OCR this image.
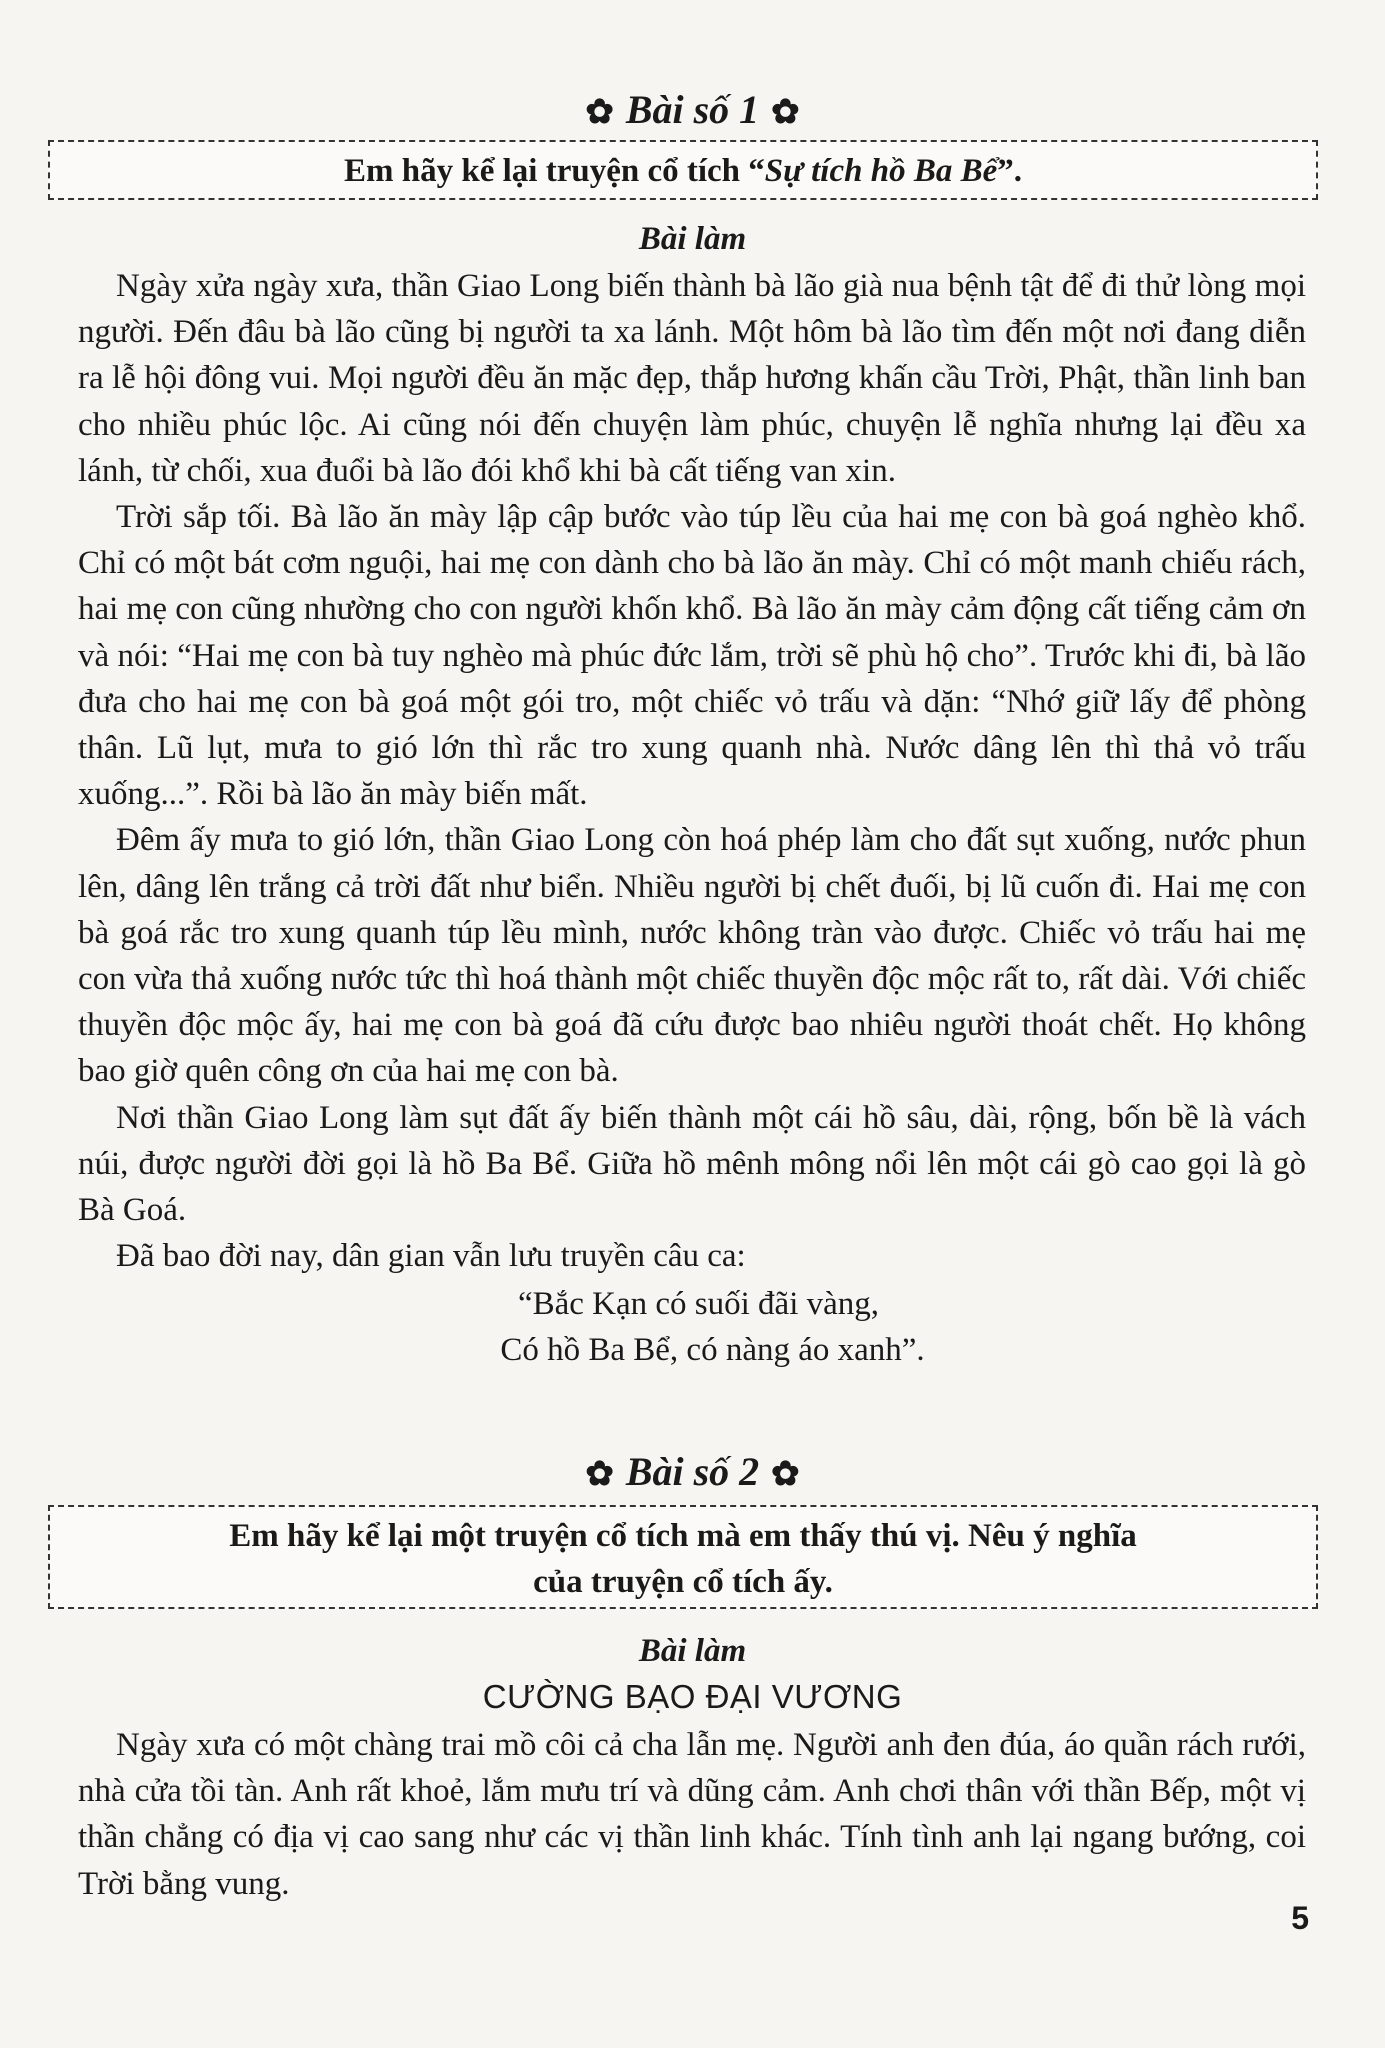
✿ Bài số 1 ✿
Em hãy kể lại truyện cổ tích “Sự tích hồ Ba Bể”.
Bài làm

Ngày xửa ngày xưa, thần Giao Long biến thành bà lão già nua bệnh tật để đi thử lòng mọi người. Đến đâu bà lão cũng bị người ta xa lánh. Một hôm bà lão tìm đến một nơi đang diễn ra lễ hội đông vui. Mọi người đều ăn mặc đẹp, thắp hương khấn cầu Trời, Phật, thần linh ban cho nhiều phúc lộc. Ai cũng nói đến chuyện làm phúc, chuyện lễ nghĩa nhưng lại đều xa lánh, từ chối, xua đuổi bà lão đói khổ khi bà cất tiếng van xin.

Trời sắp tối. Bà lão ăn mày lập cập bước vào túp lều của hai mẹ con bà goá nghèo khổ. Chỉ có một bát cơm nguội, hai mẹ con dành cho bà lão ăn mày. Chỉ có một manh chiếu rách, hai mẹ con cũng nhường cho con người khốn khổ. Bà lão ăn mày cảm động cất tiếng cảm ơn và nói: “Hai mẹ con bà tuy nghèo mà phúc đức lắm, trời sẽ phù hộ cho”. Trước khi đi, bà lão đưa cho hai mẹ con bà goá một gói tro, một chiếc vỏ trấu và dặn: “Nhớ giữ lấy để phòng thân. Lũ lụt, mưa to gió lớn thì rắc tro xung quanh nhà. Nước dâng lên thì thả vỏ trấu xuống...”. Rồi bà lão ăn mày biến mất.

Đêm ấy mưa to gió lớn, thần Giao Long còn hoá phép làm cho đất sụt xuống, nước phun lên, dâng lên trắng cả trời đất như biển. Nhiều người bị chết đuối, bị lũ cuốn đi. Hai mẹ con bà goá rắc tro xung quanh túp lều mình, nước không tràn vào được. Chiếc vỏ trấu hai mẹ con vừa thả xuống nước tức thì hoá thành một chiếc thuyền độc mộc rất to, rất dài. Với chiếc thuyền độc mộc ấy, hai mẹ con bà goá đã cứu được bao nhiêu người thoát chết. Họ không bao giờ quên công ơn của hai mẹ con bà.

Nơi thần Giao Long làm sụt đất ấy biến thành một cái hồ sâu, dài, rộng, bốn bề là vách núi, được người đời gọi là hồ Ba Bể. Giữa hồ mênh mông nổi lên một cái gò cao gọi là gò Bà Goá.

Đã bao đời nay, dân gian vẫn lưu truyền câu ca:

“Bắc Kạn có suối đãi vàng,
Có hồ Ba Bể, có nàng áo xanh”.
✿ Bài số 2 ✿
Em hãy kể lại một truyện cổ tích mà em thấy thú vị. Nêu ý nghĩa
của truyện cổ tích ấy.
Bài làm
CƯỜNG BẠO ĐẠI VƯƠNG

Ngày xưa có một chàng trai mồ côi cả cha lẫn mẹ. Người anh đen đúa, áo quần rách rưới, nhà cửa tồi tàn. Anh rất khoẻ, lắm mưu trí và dũng cảm. Anh chơi thân với thần Bếp, một vị thần chẳng có địa vị cao sang như các vị thần linh khác. Tính tình anh lại ngang bướng, coi Trời bằng vung.

5
